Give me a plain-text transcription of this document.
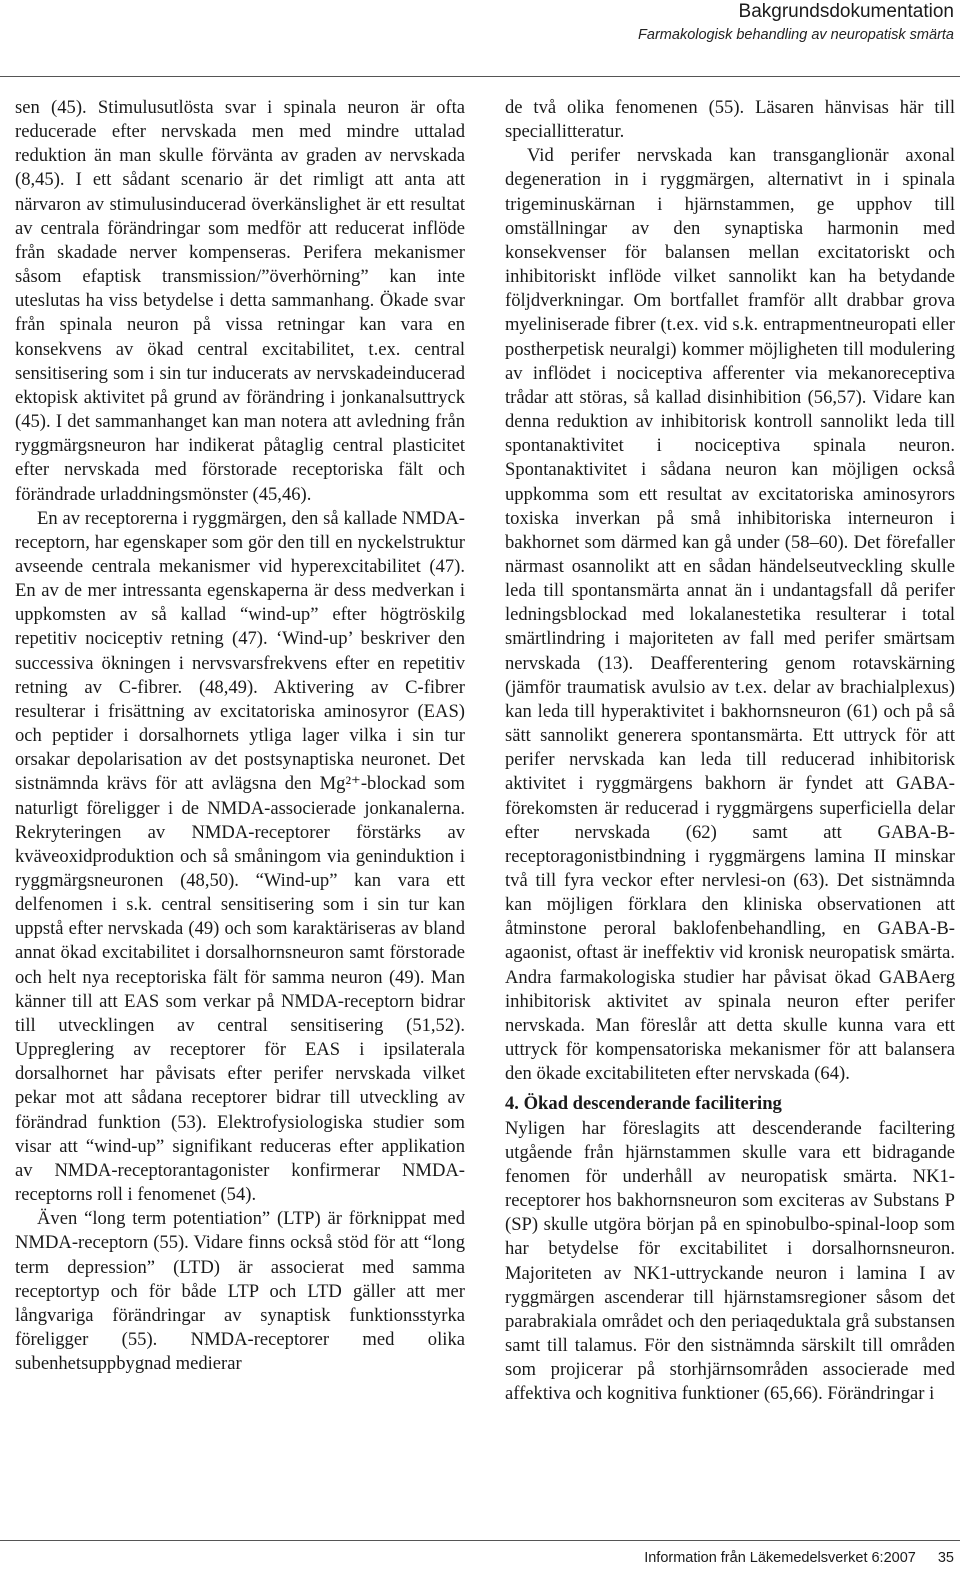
Bakgrundsdokumentation
Farmakologisk behandling av neuropatisk smärta

sen (45). Stimulusutlösta svar i spinala neuron är ofta reducerade efter nervskada men med mindre uttalad reduktion än man skulle förvänta av graden av nervskada (8,45). I ett sådant scenario är det rimligt att anta att närvaron av stimulusinducerad överkänslighet är ett resultat av centrala förändringar som medför att reducerat inflöde från skadade nerver kompenseras. Perifera mekanismer såsom efaptisk transmission/”överhörning” kan inte uteslutas ha viss betydelse i detta sammanhang. Ökade svar från spinala neuron på vissa retningar kan vara en konsekvens av ökad central excitabilitet, t.ex. central sensitisering som i sin tur inducerats av nervskadeinducerad ektopisk aktivitet på grund av förändring i jonkanalsuttryck (45). I det sammanhanget kan man notera att avledning från ryggmärgsneuron har indikerat påtaglig central plasticitet efter nervskada med förstorade receptoriska fält och förändrade urladdningsmönster (45,46).

En av receptorerna i ryggmärgen, den så kallade NMDA-receptorn, har egenskaper som gör den till en nyckelstruktur avseende centrala mekanismer vid hyperexcitabilitet (47). En av de mer intressanta egenskaperna är dess medverkan i uppkomsten av så kallad “wind-up” efter högtröskilg repetitiv nociceptiv retning (47). ‘Wind-up’ beskriver den successiva ökningen i nervsvarsfrekvens efter en repetitiv retning av C-fibrer. (48,49). Aktivering av C-fibrer resulterar i frisättning av excitatoriska aminosyror (EAS) och peptider i dorsalhornets ytliga lager vilka i sin tur orsakar depolarisation av det postsynaptiska neuronet. Det sistnämnda krävs för att avlägsna den Mg²⁺-blockad som naturligt föreligger i de NMDA-associerade jonkanalerna. Rekryteringen av NMDA-receptorer förstärks av kväveoxidproduktion och så småningom via geninduktion i ryggmärgsneuronen (48,50). “Wind-up” kan vara ett delfenomen i s.k. central sensitisering som i sin tur kan uppstå efter nervskada (49) och som karaktäriseras av bland annat ökad excitabilitet i dorsalhornsneuron samt förstorade och helt nya receptoriska fält för samma neuron (49). Man känner till att EAS som verkar på NMDA-receptorn bidrar till utvecklingen av central sensitisering (51,52). Uppreglering av receptorer för EAS i ipsilaterala dorsalhornet har påvisats efter perifer nervskada vilket pekar mot att sådana receptorer bidrar till utveckling av förändrad funktion (53). Elektrofysiologiska studier som visar att “wind-up” signifikant reduceras efter applikation av NMDA-receptorantagonister konfirmerar NMDA-receptorns roll i fenomenet (54).

Även “long term potentiation” (LTP) är förknippat med NMDA-receptorn (55). Vidare finns också stöd för att “long term depression” (LTD) är associerat med samma receptortyp och för både LTP och LTD gäller att mer långvariga förändringar av synaptisk funktionsstyrka föreligger (55). NMDA-receptorer med olika subenhetsuppbygnad medierar

de två olika fenomenen (55). Läsaren hänvisas här till speciallitteratur.

Vid perifer nervskada kan transganglionär axonal degeneration in i ryggmärgen, alternativt in i spinala trigeminuskärnan i hjärnstammen, ge upphov till omställningar av den synaptiska harmonin med konsekvenser för balansen mellan excitatoriskt och inhibitoriskt inflöde vilket sannolikt kan ha betydande följdverkningar. Om bortfallet framför allt drabbar grova myeliniserade fibrer (t.ex. vid s.k. entrapmentneuropati eller postherpetisk neuralgi) kommer möjligheten till modulering av inflödet i nociceptiva afferenter via mekanoreceptiva trådar att störas, så kallad disinhibition (56,57). Vidare kan denna reduktion av inhibitorisk kontroll sannolikt leda till spontanaktivitet i nociceptiva spinala neuron. Spontanaktivitet i sådana neuron kan möjligen också uppkomma som ett resultat av excitatoriska aminosyrors toxiska inverkan på små inhibitoriska interneuron i bakhornet som därmed kan gå under (58–60). Det förefaller närmast osannolikt att en sådan händelseutveckling skulle leda till spontansmärta annat än i undantagsfall då perifer ledningsblockad med lokalanestetika resulterar i total smärtlindring i majoriteten av fall med perifer smärtsam nervskada (13). Deafferentering genom rotavskärning (jämför traumatisk avulsio av t.ex. delar av brachialplexus) kan leda till hyperaktivitet i bakhornsneuron (61) och på så sätt sannolikt generera spontansmärta. Ett uttryck för att perifer nervskada kan leda till reducerad inhibitorisk aktivitet i ryggmärgens bakhorn är fyndet att GABA-förekomsten är reducerad i ryggmärgens superficiella delar efter nervskada (62) samt att GABA-B-receptoragonistbindning i ryggmärgens lamina II minskar två till fyra veckor efter nervlesi-on (63). Det sistnämnda kan möjligen förklara den kliniska observationen att åtminstone peroral baklofenbehandling, en GABA-B-agaonist, oftast är ineffektiv vid kronisk neuropatisk smärta. Andra farmakologiska studier har påvisat ökad GABAerg inhibitorisk aktivitet av spinala neuron efter perifer nervskada. Man föreslår att detta skulle kunna vara ett uttryck för kompensatoriska mekanismer för att balansera den ökade excitabiliteten efter nervskada (64).

4. Ökad descenderande facilitering

Nyligen har föreslagits att descenderande faciltering utgående från hjärnstammen skulle vara ett bidragande fenomen för underhåll av neuropatisk smärta. NK1-receptorer hos bakhornsneuron som exciteras av Substans P (SP) skulle utgöra början på en spinobulbo-spinal-loop som har betydelse för excitabilitet i dorsalhornsneuron. Majoriteten av NK1-uttryckande neuron i lamina I av ryggmärgen ascenderar till hjärnstamsregioner såsom det parabrakiala området och den periaqeduktala grå substansen samt till talamus. För den sistnämnda särskilt till områden som projicerar på storhjärnsområden associerade med affektiva och kognitiva funktioner (65,66). Förändringar i

Information från Läkemedelsverket 6:2007 35
